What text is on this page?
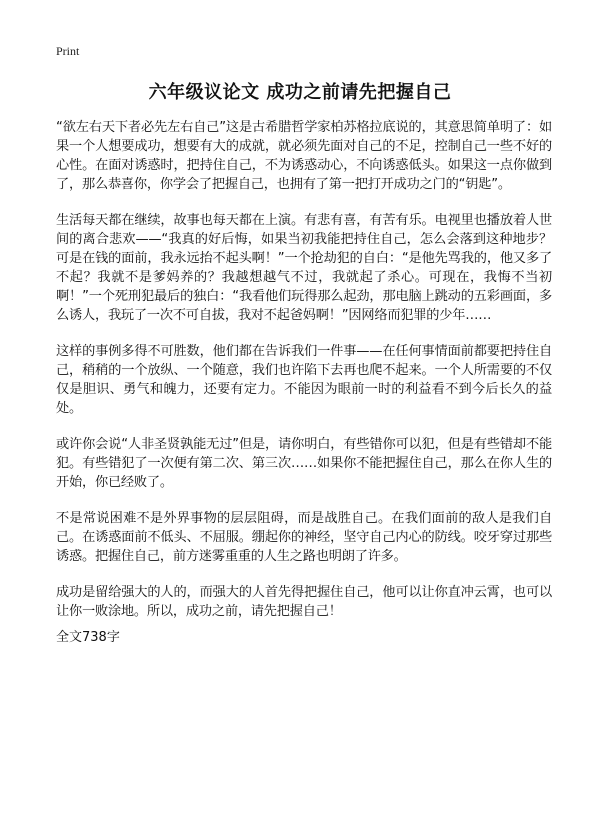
Print
六年级议论文 成功之前请先把握自己

“欲左右天下者必先左右自己”这是古希腊哲学家柏苏格拉底说的，其意思简单明了：如果一个人想要成功，想要有大的成就，就必须先面对自己的不足，控制自己一些不好的心性。在面对诱惑时，把持住自己，不为诱惑动心，不向诱惑低头。如果这一点你做到了，那么恭喜你，你学会了把握自己，也拥有了第一把打开成功之门的“钥匙”。

生活每天都在继续，故事也每天都在上演。有悲有喜，有苦有乐。电视里也播放着人世间的离合悲欢——“我真的好后悔，如果当初我能把持住自己，怎么会落到这种地步？可是在钱的面前，我永远抬不起头啊！”一个抢劫犯的自白：“是他先骂我的，他又多了不起？我就不是爹妈养的？我越想越气不过，我就起了杀心。可现在，我悔不当初啊！”一个死刑犯最后的独白：“我看他们玩得那么起劲，那电脑上跳动的五彩画面，多么诱人，我玩了一次不可自拔，我对不起爸妈啊！”因网络而犯罪的少年……

这样的事例多得不可胜数，他们都在告诉我们一件事——在任何事情面前都要把持住自己，稍稍的一个放纵、一个随意，我们也许陷下去再也爬不起来。一个人所需要的不仅仅是胆识、勇气和魄力，还要有定力。不能因为眼前一时的利益看不到今后长久的益处。

或许你会说“人非圣贤孰能无过”但是，请你明白，有些错你可以犯，但是有些错却不能犯。有些错犯了一次便有第二次、第三次……如果你不能把握住自己，那么在你人生的开始，你已经败了。

不是常说困难不是外界事物的层层阻碍，而是战胜自己。在我们面前的敌人是我们自己。在诱惑面前不低头、不屈服。绷起你的神经，坚守自己内心的防线。咬牙穿过那些诱惑。把握住自己，前方迷雾重重的人生之路也明朗了许多。

成功是留给强大的人的，而强大的人首先得把握住自己，他可以让你直冲云霄，也可以让你一败涂地。所以，成功之前，请先把握自己！

全文738字
